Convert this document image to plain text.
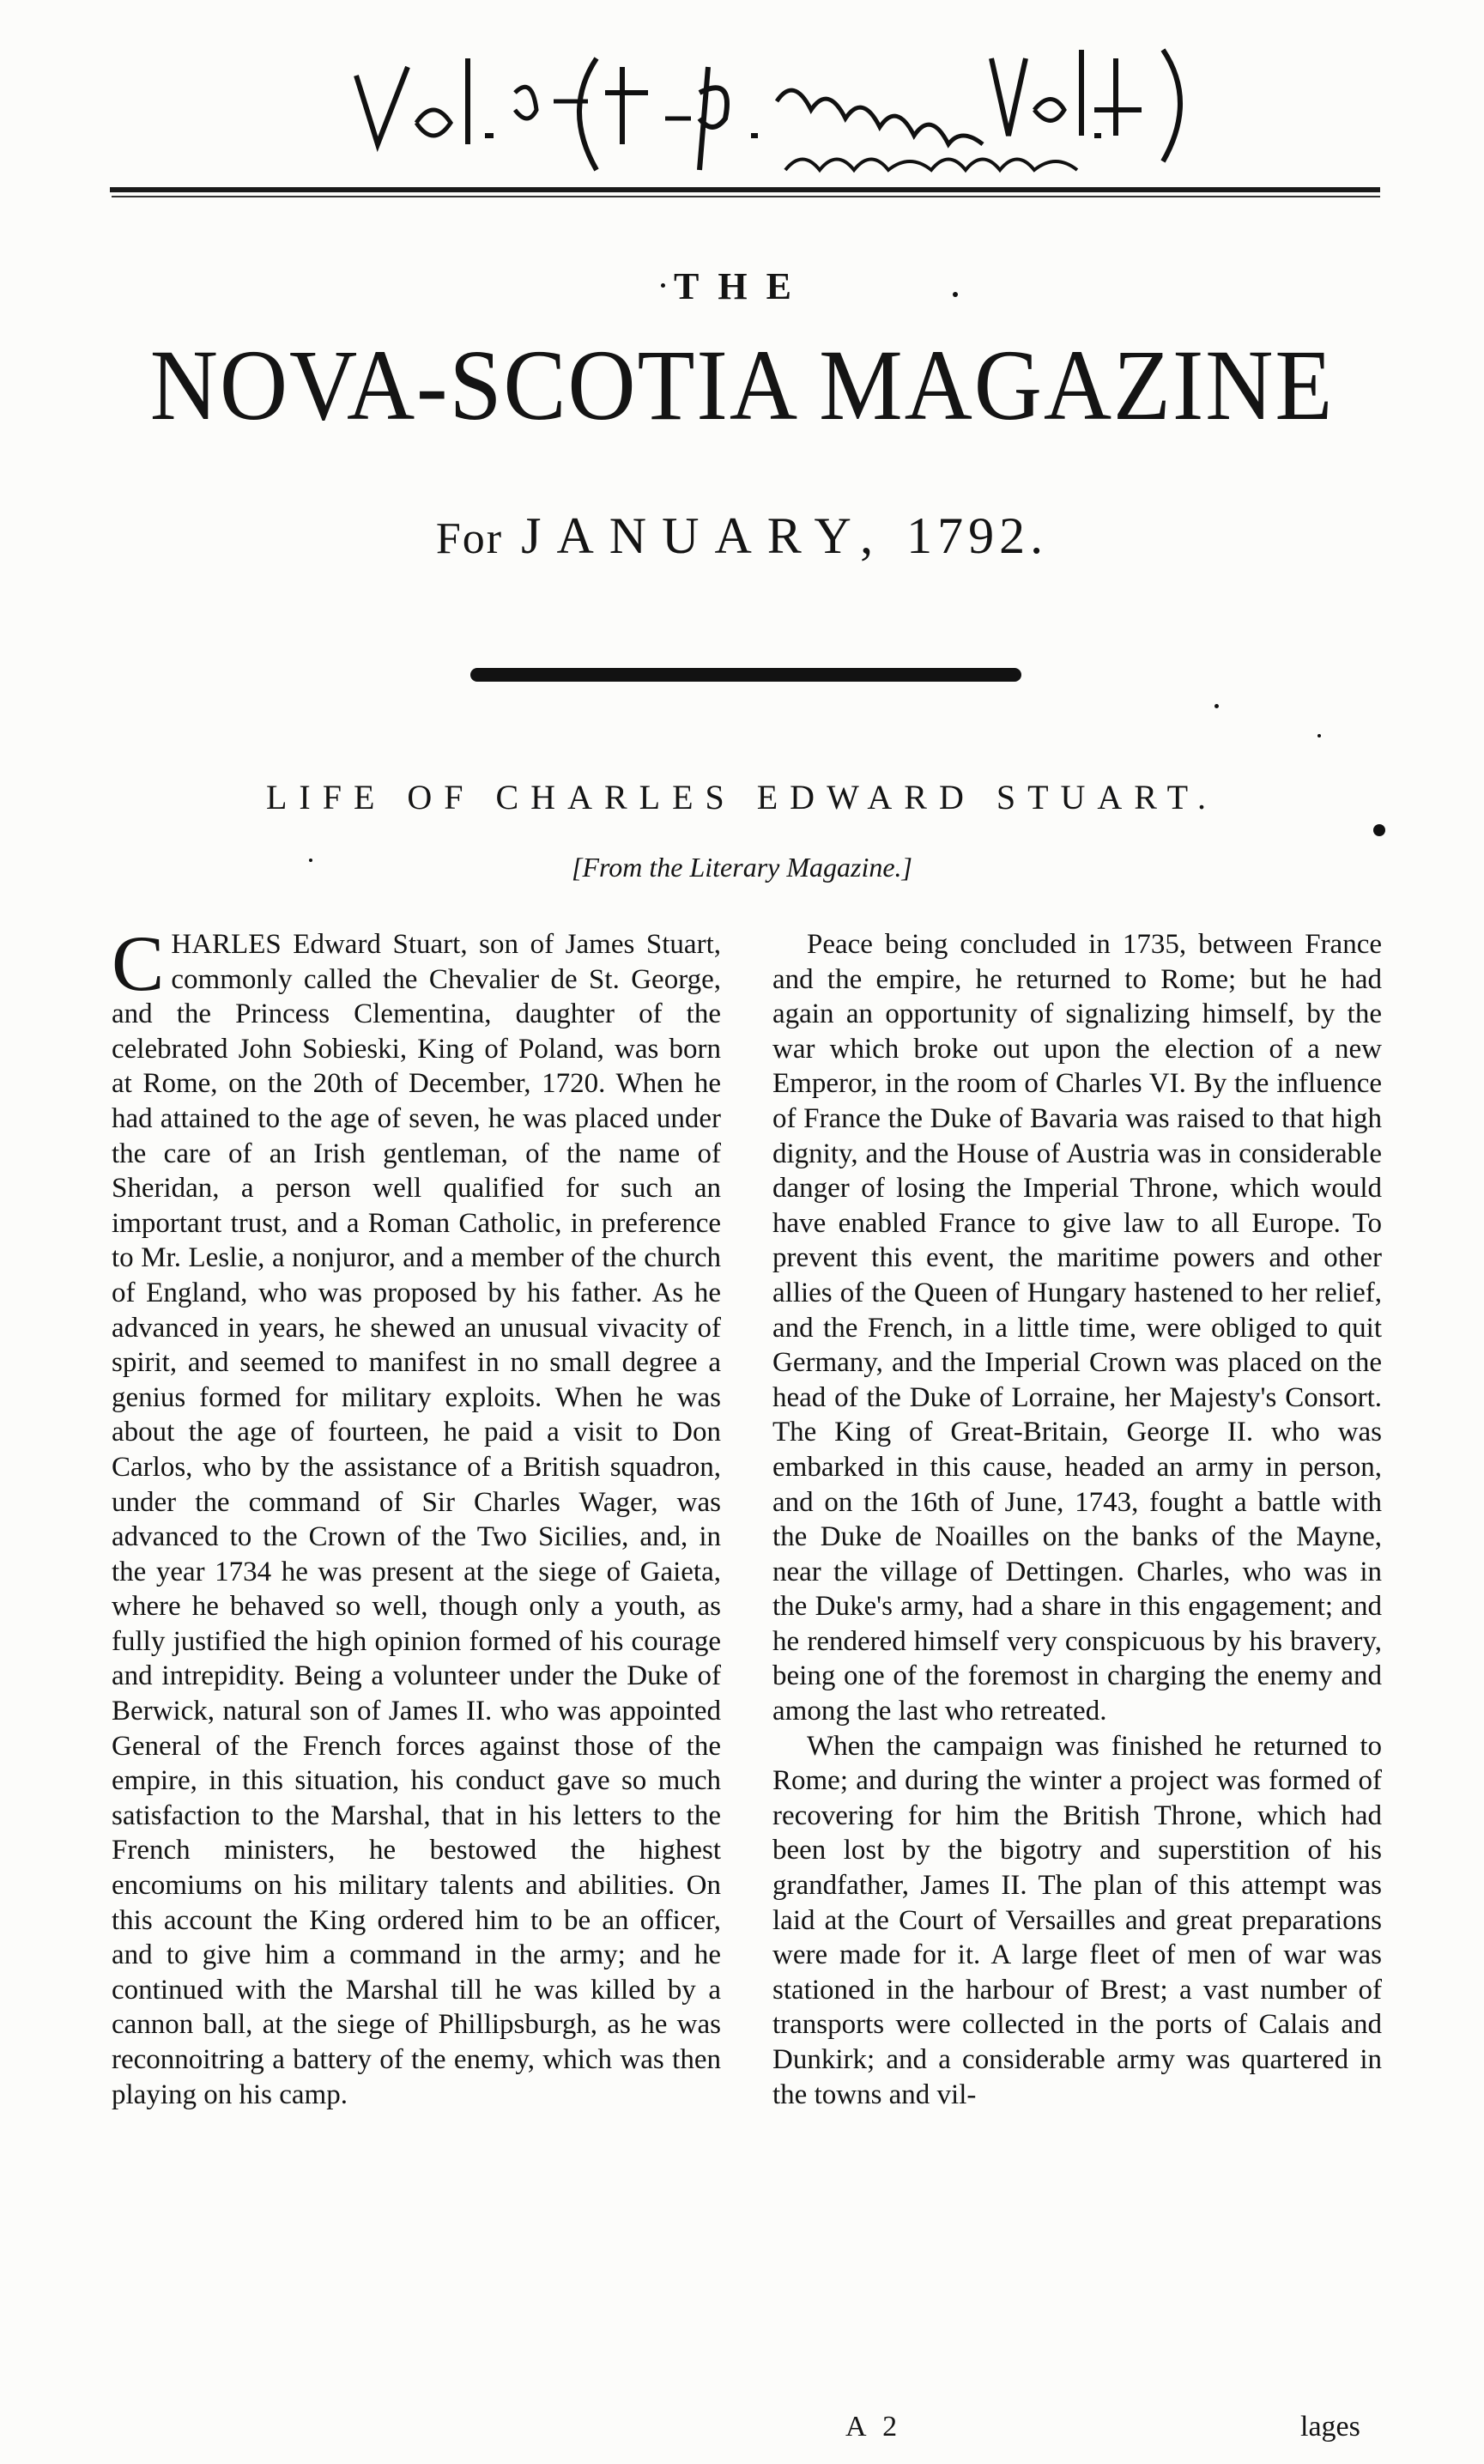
THE
NOVA-SCOTIA MAGAZINE
For JANUARY, 1792.
LIFE OF CHARLES EDWARD STUART.
[From the Literary Magazine.]

CHARLES Edward Stuart, son of James Stuart, commonly called the Chevalier de St. George, and the Princess Clementina, daughter of the celebrated John Sobieski, King of Poland, was born at Rome, on the 20th of December, 1720. When he had attained to the age of seven, he was placed under the care of an Irish gentleman, of the name of Sheridan, a person well qualified for such an important trust, and a Roman Catholic, in preference to Mr. Leslie, a nonjuror, and a member of the church of England, who was proposed by his father. As he advanced in years, he shewed an unusual vivacity of spirit, and seemed to manifest in no small degree a genius formed for military exploits. When he was about the age of fourteen, he paid a visit to Don Carlos, who by the assistance of a British squadron, under the command of Sir Charles Wager, was advanced to the Crown of the Two Sicilies, and, in the year 1734 he was present at the siege of Gaieta, where he behaved so well, though only a youth, as fully justified the high opinion formed of his courage and intrepidity. Being a volunteer under the Duke of Berwick, natural son of James II. who was appointed General of the French forces against those of the empire, in this situation, his conduct gave so much satisfaction to the Marshal, that in his letters to the French ministers, he bestowed the highest encomiums on his military talents and abilities. On this account the King ordered him to be an officer, and to give him a command in the army; and he continued with the Marshal till he was killed by a cannon ball, at the siege of Phillipsburgh, as he was reconnoitring a battery of the enemy, which was then playing on his camp.

Peace being concluded in 1735, between France and the empire, he returned to Rome; but he had again an opportunity of signalizing himself, by the war which broke out upon the election of a new Emperor, in the room of Charles VI. By the influence of France the Duke of Bavaria was raised to that high dignity, and the House of Austria was in considerable danger of losing the Imperial Throne, which would have enabled France to give law to all Europe. To prevent this event, the maritime powers and other allies of the Queen of Hungary hastened to her relief, and the French, in a little time, were obliged to quit Germany, and the Imperial Crown was placed on the head of the Duke of Lorraine, her Majesty's Consort. The King of Great-Britain, George II. who was embarked in this cause, headed an army in person, and on the 16th of June, 1743, fought a battle with the Duke de Noailles on the banks of the Mayne, near the village of Dettingen. Charles, who was in the Duke's army, had a share in this engagement; and he rendered himself very conspicuous by his bravery, being one of the foremost in charging the enemy and among the last who retreated.

When the campaign was finished he returned to Rome; and during the winter a project was formed of recovering for him the British Throne, which had been lost by the bigotry and superstition of his grandfather, James II. The plan of this attempt was laid at the Court of Versailles and great preparations were made for it. A large fleet of men of war was stationed in the harbour of Brest; a vast number of transports were collected in the ports of Calais and Dunkirk; and a considerable army was quartered in the towns and vil-

A 2	lages
